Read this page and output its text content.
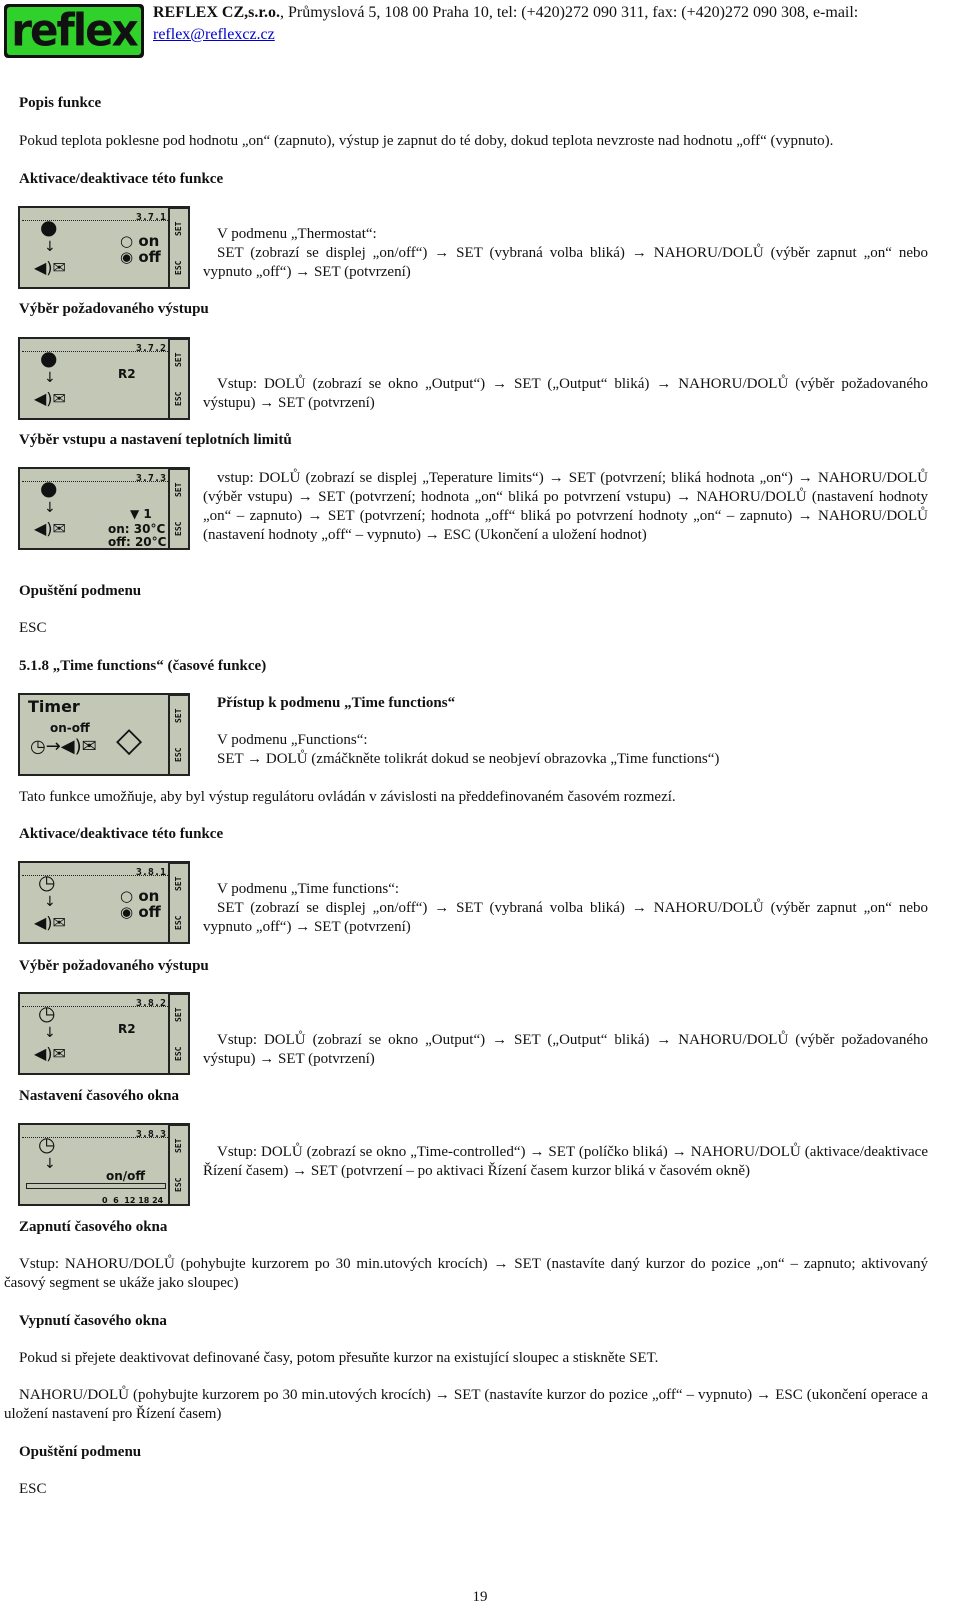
reflex REFLEX CZ,s.r.o., Průmyslová 5, 108 00 Praha 10, tel: (+420)272 090 311, fax: (+420)272 090 308, e-mail: reflex@reflexcz.cz
Popis funkce
Pokud teplota poklesne pod hodnotu „on“ (zapnuto), výstup je zapnut do té doby, dokud teplota nevzroste nad hodnotu „off“ (vypnuto).
Aktivace/deaktivace této funkce
3.7.1
●
↓
◀)✉
○ on
◉ off
SET
ESC
V podmenu „Thermostat“:
SET (zobrazí se displej „on/off“) → SET (vybraná volba bliká) → NAHORU/DOLŮ (výběr zapnut „on“ nebo vypnuto „off“) → SET (potvrzení)
Výběr požadovaného výstupu
3.7.2
●
↓
◀)✉
R2
SET
ESC
Vstup: DOLŮ (zobrazí se okno „Output“) → SET („Output“ bliká) → NAHORU/DOLŮ (výběr požadovaného výstupu) → SET (potvrzení)
Výběr vstupu a nastavení teplotních limitů
3.7.3
●
↓
◀)✉
▼ 1
on: 30°C
off: 20°C
SET
ESC
vstup: DOLŮ (zobrazí se displej „Teperature limits“) → SET (potvrzení; bliká hodnota „on“) → NAHORU/DOLŮ (výběr vstupu) → SET (potvrzení; hodnota „on“ bliká po potvrzení vstupu) → NAHORU/DOLŮ (nastavení hodnoty „on“ – zapnuto) → SET (potvrzení; hodnota „off“ bliká po potvrzení hodnoty „on“ – zapnuto) → NAHORU/DOLŮ (nastavení hodnoty „off“ – vypnuto) → ESC (Ukončení a uložení hodnot)
Opuštění podmenu
ESC
5.1.8 „Time functions“ (časové funkce)
Timer
on-off
◷→◀)✉ ◇
SET
ESC
Přístup k podmenu „Time functions“
V podmenu „Functions“:
SET → DOLŮ (zmáčkněte tolikrát dokud se neobjeví obrazovka „Time functions“)
Tato funkce umožňuje, aby byl výstup regulátoru ovládán v závislosti na předdefinovaném časovém rozmezí.
Aktivace/deaktivace této funkce
3.8.1
◷
↓
◀)✉
○ on
◉ off
SET
ESC
V podmenu „Time functions“:
SET (zobrazí se displej „on/off“) → SET (vybraná volba bliká) → NAHORU/DOLŮ (výběr zapnut „on“ nebo vypnuto „off“) → SET (potvrzení)
Výběr požadovaného výstupu
3.8.2
◷
↓
◀)✉
R2
SET
ESC
Vstup: DOLŮ (zobrazí se okno „Output“) → SET („Output“ bliká) → NAHORU/DOLŮ (výběr požadovaného výstupu) → SET (potvrzení)
Nastavení časového okna
3.8.3
◷
↓
on/off
0  6  12 18 24
SET
ESC
Vstup: DOLŮ (zobrazí se okno „Time-controlled“) → SET (políčko bliká) → NAHORU/DOLŮ (aktivace/deaktivace Řízení časem) → SET (potvrzení – po aktivaci Řízení časem kurzor bliká v časovém okně)
Zapnutí časového okna
Vstup: NAHORU/DOLŮ (pohybujte kurzorem po 30 min.utových krocích) → SET (nastavíte daný kurzor do pozice „on“ – zapnuto; aktivovaný časový segment se ukáže jako sloupec)
Vypnutí časového okna
Pokud si přejete deaktivovat definované časy, potom přesuňte kurzor na existující sloupec a stiskněte SET.
NAHORU/DOLŮ (pohybujte kurzorem po 30 min.utových krocích) → SET (nastavíte kurzor do pozice „off“ – vypnuto) → ESC (ukončení operace a uložení nastavení pro Řízení časem)
Opuštění podmenu
ESC
19
